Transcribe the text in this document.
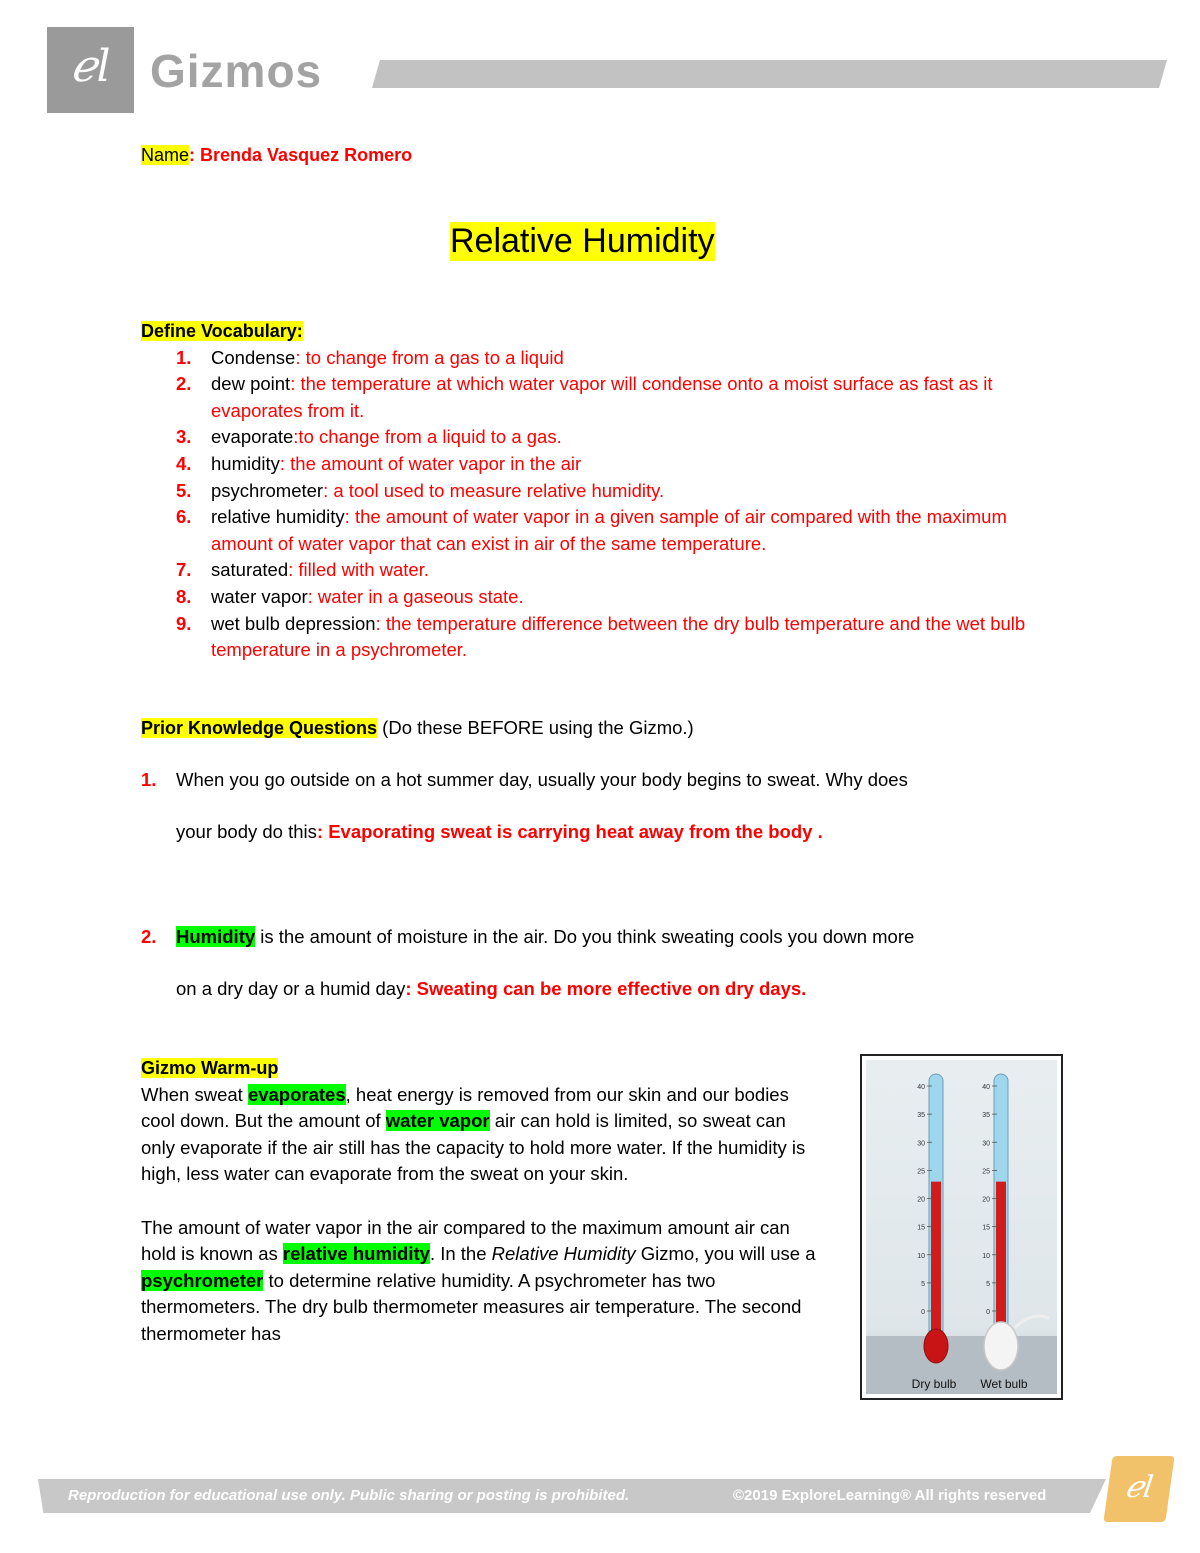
ℯl Gizmos
Name: Brenda Vasquez Romero
Relative Humidity
Define Vocabulary:
1. Condense: to change from a gas to a liquid
2. dew point: the temperature at which water vapor will condense onto a moist surface as fast as it evaporates from it.
3. evaporate:to change from a liquid to a gas.
4. humidity: the amount of water vapor in the air
5. psychrometer: a tool used to measure relative humidity.
6. relative humidity: the amount of water vapor in a given sample of air compared with the maximum amount of water vapor that can exist in air of the same temperature.
7. saturated: filled with water.
8. water vapor: water in a gaseous state.
9. wet bulb depression: the temperature difference between the dry bulb temperature and the wet bulb temperature in a psychrometer.
Prior Knowledge Questions (Do these BEFORE using the Gizmo.)
1. When you go outside on a hot summer day, usually your body begins to sweat. Why does
your body do this: Evaporating sweat is carrying heat away from the body .
2. Humidity is the amount of moisture in the air. Do you think sweating cools you down more
on a dry day or a humid day: Sweating can be more effective on dry days.
Gizmo Warm-up

When sweat evaporates, heat energy is removed from our skin and our bodies cool down. But the amount of water vapor air can hold is limited, so sweat can only evaporate if the air still has the capacity to hold more water. If the humidity is high, less water can evaporate from the sweat on your skin.

The amount of water vapor in the air compared to the maximum amount air can hold is known as relative humidity. In the Relative Humidity Gizmo, you will use a psychrometer to determine relative humidity. A psychrometer has two thermometers. The dry bulb thermometer measures air temperature. The second thermometer has

40
35
30
25
20
15
10
5
0
40
35
30
25
20
15
10
5
0
Dry bulb Wet bulb
Reproduction for educational use only. Public sharing or posting is prohibited.	©2019 ExploreLearning® All rights reserved	ℯl
